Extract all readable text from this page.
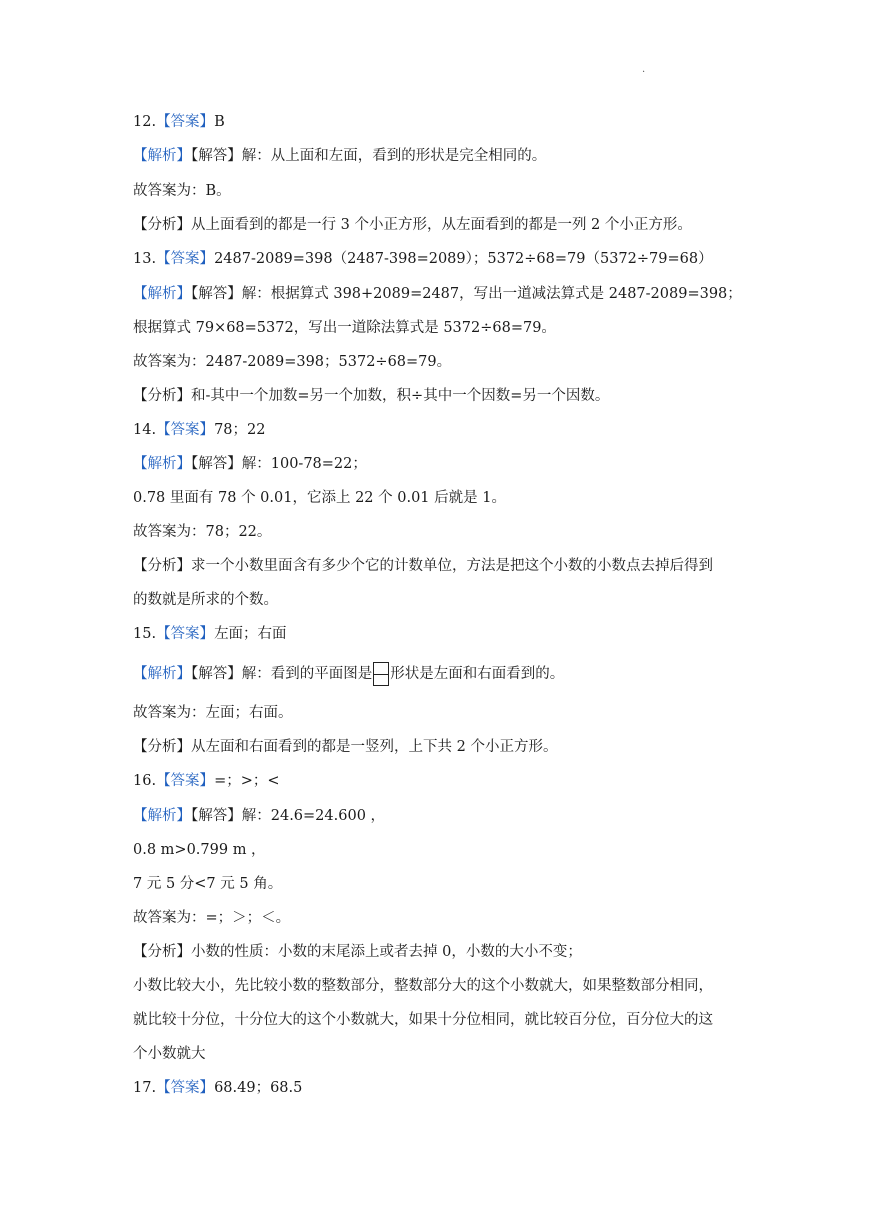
.
12.【答案】B
【解析】【解答】解：从上面和左面，看到的形状是完全相同的。
故答案为：B。
【分析】从上面看到的都是一行 3 个小正方形，从左面看到的都是一列 2 个小正方形。
13.【答案】2487-2089=398（2487-398=2089）；5372÷68=79（5372÷79=68）
【解析】【解答】解：根据算式 398+2089=2487，写出一道减法算式是 2487-2089=398；
根据算式 79×68=5372，写出一道除法算式是 5372÷68=79。
故答案为：2487-2089=398；5372÷68=79。
【分析】和-其中一个加数=另一个加数，积÷其中一个因数=另一个因数。
14.【答案】78；22
【解析】【解答】解：100-78=22；
0.78 里面有 78 个 0.01，它添上 22 个 0.01 后就是 1。
故答案为：78；22。
【分析】求一个小数里面含有多少个它的计数单位，方法是把这个小数的小数点去掉后得到
的数就是所求的个数。
15.【答案】左面；右面
【解析】【解答】解：看到的平面图是 形状是左面和右面看到的。
故答案为：左面；右面。
【分析】从左面和右面看到的都是一竖列，上下共 2 个小正方形。
16.【答案】=；>；<
【解析】【解答】解：24.6=24.600 ，
0.8 m>0.799 m ，
7 元 5 分<7 元 5 角。
故答案为：=；＞；＜。
【分析】小数的性质：小数的末尾添上或者去掉 0，小数的大小不变；
小数比较大小，先比较小数的整数部分，整数部分大的这个小数就大，如果整数部分相同，
就比较十分位，十分位大的这个小数就大，如果十分位相同，就比较百分位，百分位大的这
个小数就大
17.【答案】68.49；68.5
